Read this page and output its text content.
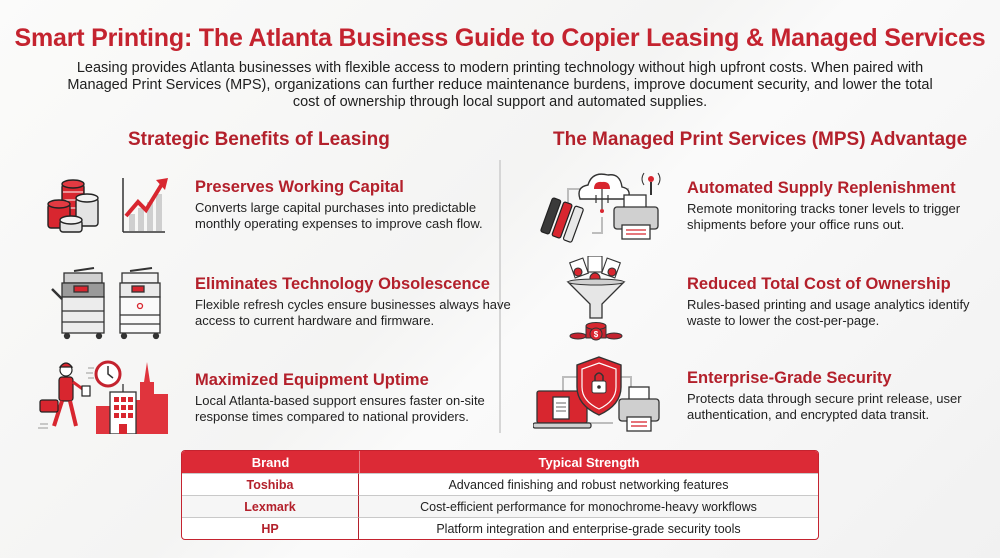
Smart Printing: The Atlanta Business Guide to Copier Leasing & Managed Services

Leasing provides Atlanta businesses with flexible access to modern printing technology without high upfront costs. When paired with Managed Print Services (MPS), organizations can further reduce maintenance burdens, improve document security, and lower the total cost of ownership through local support and automated supplies.

Strategic Benefits of Leasing	The Managed Print Services (MPS) Advantage
Preserves Working Capital

Converts large capital purchases into predictable monthly operating expenses to improve cash flow.

Eliminates Technology Obsolescence

Flexible refresh cycles ensure businesses always have access to current hardware and firmware.

Maximized Equipment Uptime

Local Atlanta-based support ensures faster on-site response times compared to national providers.

Automated Supply Replenishment

Remote monitoring tracks toner levels to trigger shipments before your office runs out.

$
Reduced Total Cost of Ownership

Rules-based printing and usage analytics identify waste to lower the cost-per-page.

Enterprise-Grade Security

Protects data through secure print release, user authentication, and encrypted data transit.

Brand	Typical Strength
Toshiba	Advanced finishing and robust networking features
Lexmark	Cost-efficient performance for monochrome-heavy workflows
HP	Platform integration and enterprise-grade security tools
